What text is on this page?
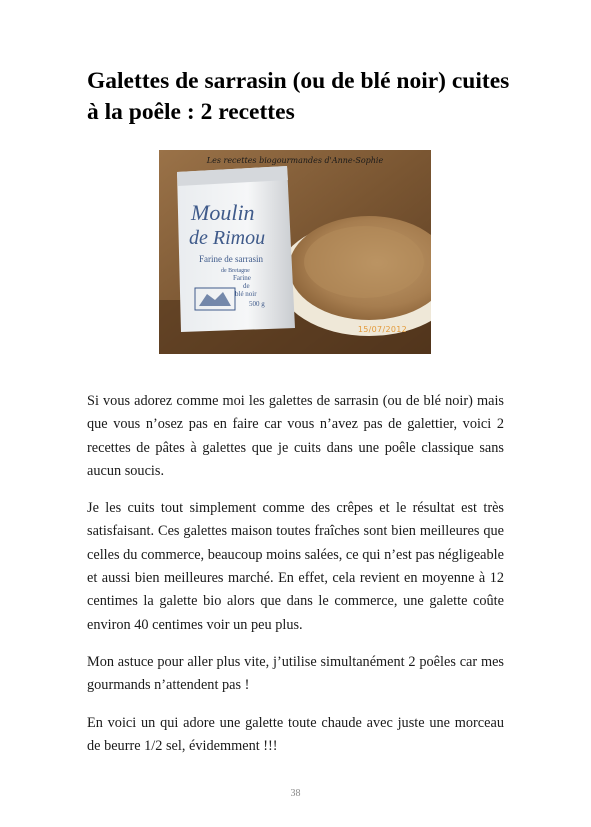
Galettes de sarrasin (ou de blé noir) cuites à la poêle : 2 recettes
Moulin
de Rimou
Farine de sarrasin
de Bretagne
Farine
de
blé noir
500 g
Les recettes biogourmandes d'Anne-Sophie
15/07/2012

Si vous adorez comme moi les galettes de sarrasin (ou de blé noir) mais que vous n’osez pas en faire car vous n’avez pas de galettier, voici 2 recettes de pâtes à galettes que je cuits dans une poêle classique sans aucun soucis.

Je les cuits tout simplement comme des crêpes et le résultat est très satisfaisant. Ces galettes maison toutes fraîches sont bien meilleures que celles du commerce, beaucoup moins salées, ce qui n’est pas négligeable et aussi bien meilleures marché. En effet, cela revient en moyenne à 12 centimes la galette bio alors que dans le commerce, une galette coûte environ 40 centimes voir un peu plus.

Mon astuce pour aller plus vite, j’utilise simultanément 2 poêles car mes gourmands n’attendent pas !

En voici un qui adore une galette toute chaude avec juste une morceau de beurre 1/2 sel, évidemment !!!

38
